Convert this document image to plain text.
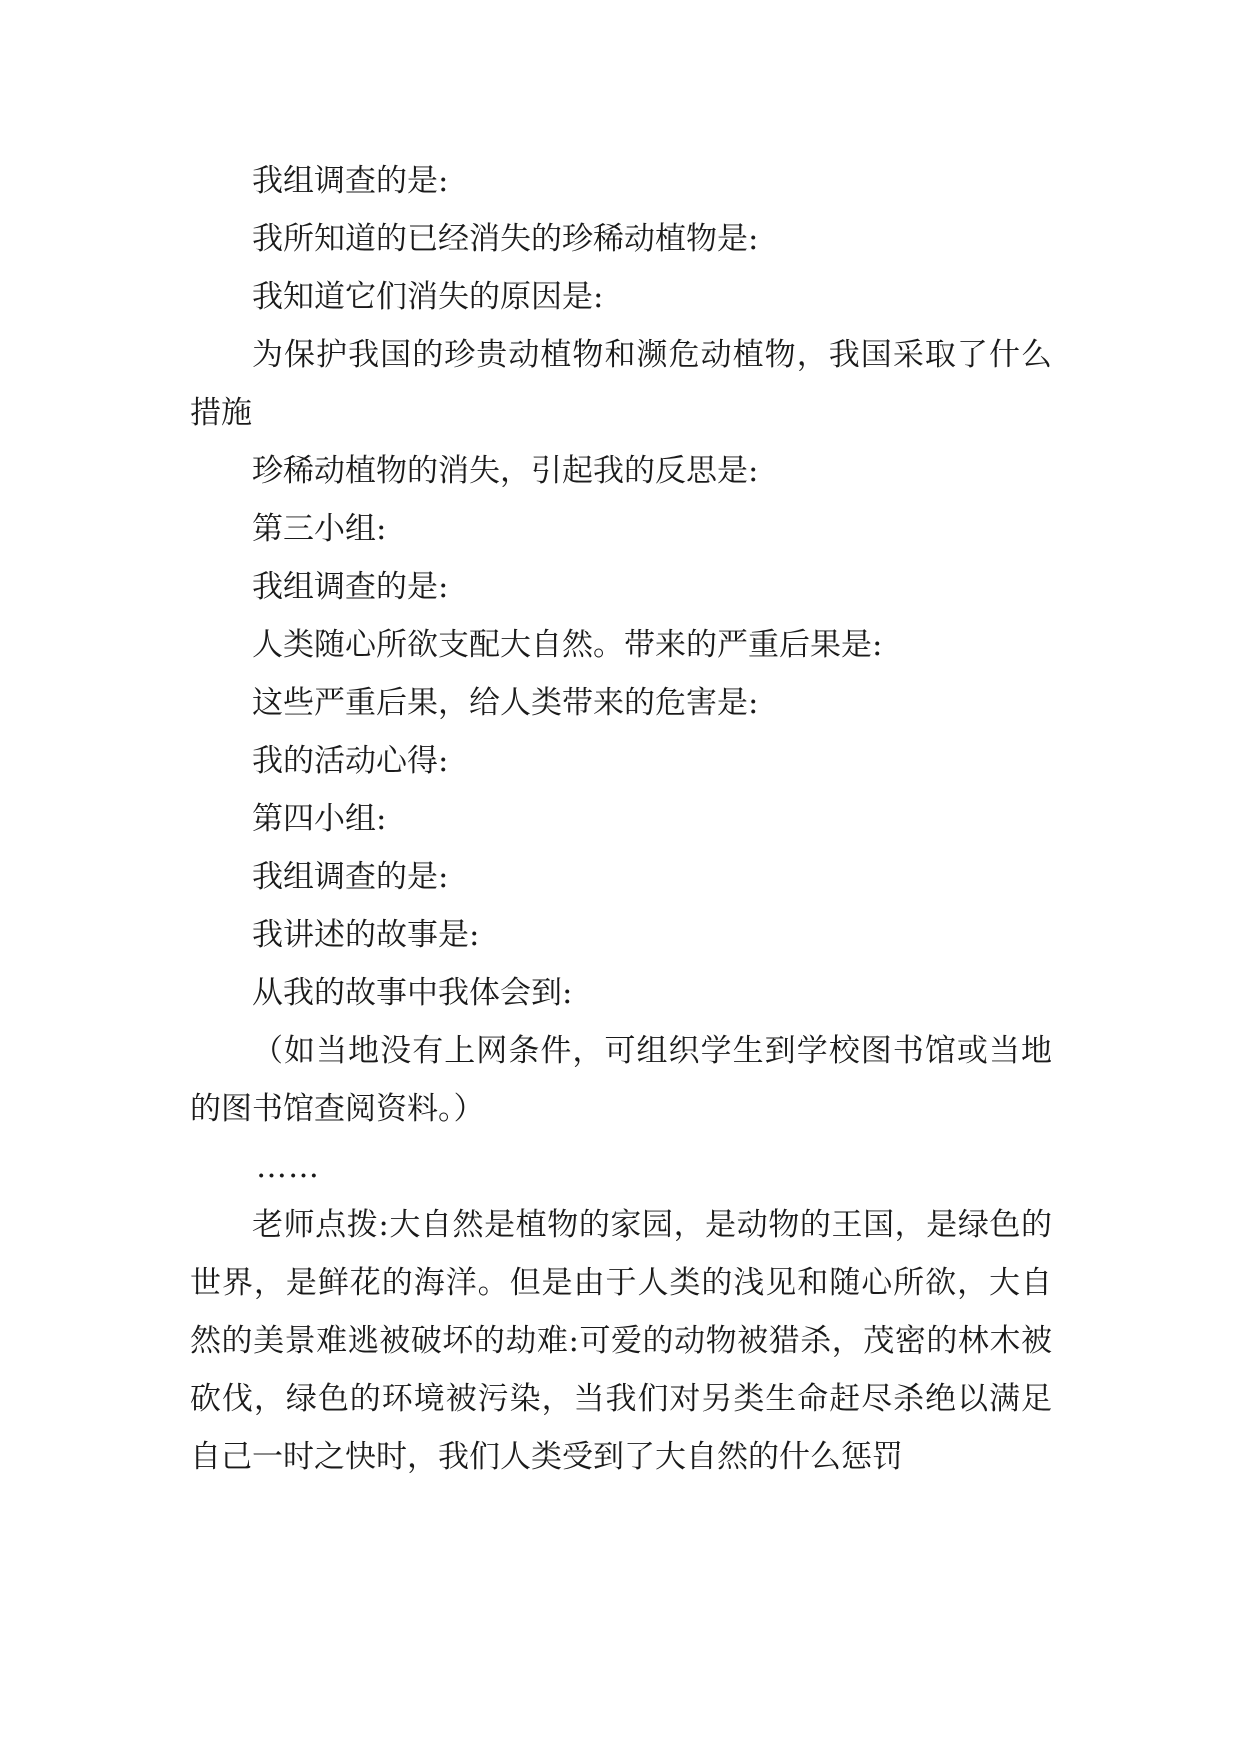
我组调查的是:

我所知道的已经消失的珍稀动植物是:

我知道它们消失的原因是:

为保护我国的珍贵动植物和濒危动植物，我国采取了什么措施

珍稀动植物的消失，引起我的反思是:

第三小组:

我组调查的是:

人类随心所欲支配大自然。带来的严重后果是:

这些严重后果，给人类带来的危害是:

我的活动心得:

第四小组:

我组调查的是:

我讲述的故事是:

从我的故事中我体会到:

（如当地没有上网条件，可组织学生到学校图书馆或当地的图书馆查阅资料。）

……

老师点拨:大自然是植物的家园，是动物的王国，是绿色的世界，是鲜花的海洋。但是由于人类的浅见和随心所欲，大自然的美景难逃被破坏的劫难:可爱的动物被猎杀，茂密的林木被砍伐，绿色的环境被污染，当我们对另类生命赶尽杀绝以满足自己一时之快时，我们人类受到了大自然的什么惩罚
